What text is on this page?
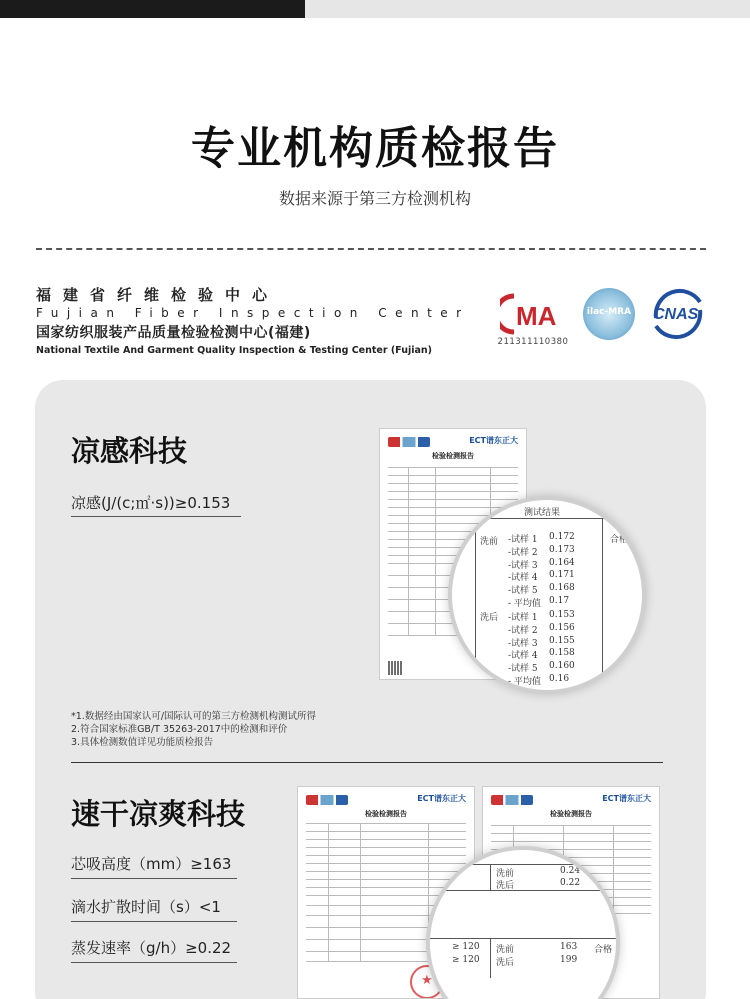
专业机构质检报告
数据来源于第三方检测机构
福建省纤维检验中心
Fujian Fiber Inspection Center
国家纺织服装产品质量检验检测中心(福建)
National Textile And Garment Quality Inspection & Testing Center (Fujian)
MA
211311110380
ilac-MRA CNAS
凉感科技
凉感(J/(c;㎡·s))≥0.153
ECT谱东正大
检验检测报告
测试结果
合格
洗前
洗后
-试样 1 0.172
-试样 2 0.173
-试样 3 0.164
-试样 4 0.171
-试样 5 0.168
- 平均值 0.17
-试样 1 0.153
-试样 2 0.156
-试样 3 0.155
-试样 4 0.158
-试样 5 0.160
- 平均值 0.16
*1.数据经由国家认可/国际认可的第三方检测机构测试所得
2.符合国家标准GB/T 35263-2017中的检测和评价
3.具体检测数值详见功能质检报告
速干凉爽科技
芯吸高度（mm）≥163
滴水扩散时间（s）<1
蒸发速率（g/h）≥0.22
ECT谱东正大
检验检测报告
★
ECT谱东正大
检验检测报告
洗前	0.24
洗后	0.22
≥ 120 洗前	163 合格
≥ 120 洗后	199
